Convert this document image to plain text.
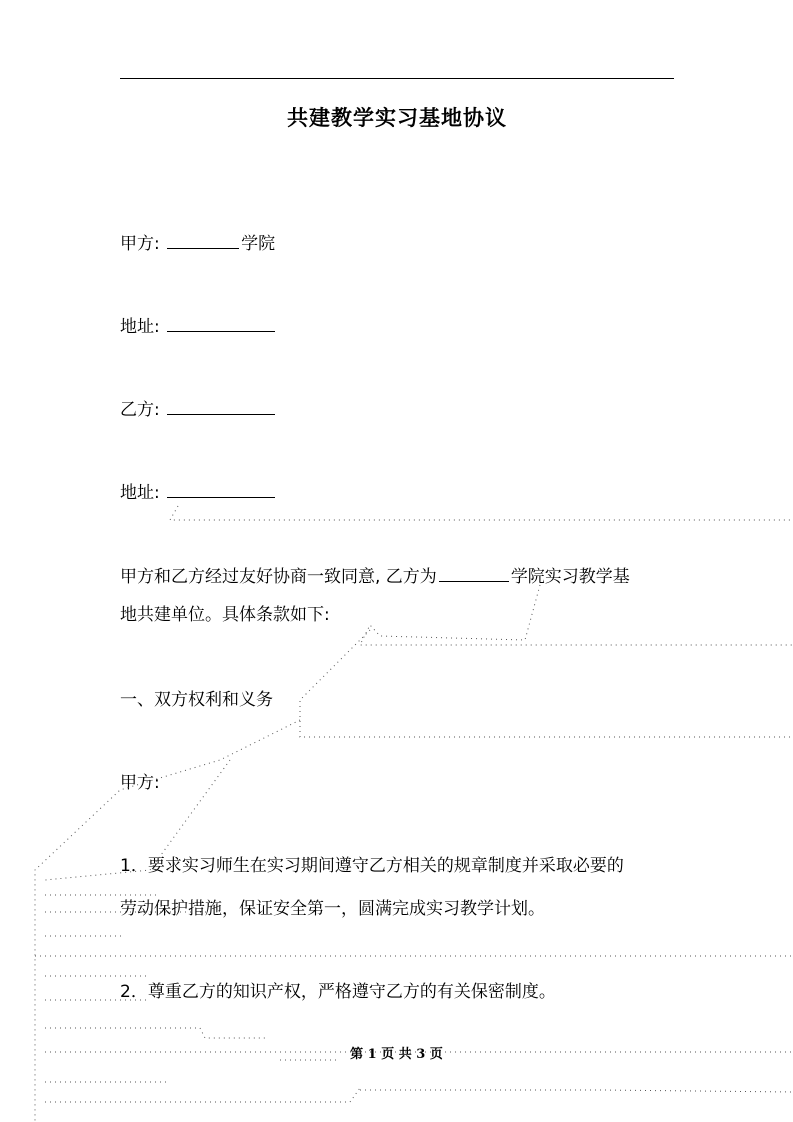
共建教学实习基地协议
甲方:	学院
地址:
乙方:
地址:
甲方和乙方经过友好协商一致同意, 乙方为	学院实习教学基
地共建单位。具体条款如下:
一、双方权利和义务
甲方:
1．要求实习师生在实习期间遵守乙方相关的规章制度并采取必要的
劳动保护措施，保证安全第一，圆满完成实习教学计划。
2．尊重乙方的知识产权，严格遵守乙方的有关保密制度。
第 1 页 共 3 页
